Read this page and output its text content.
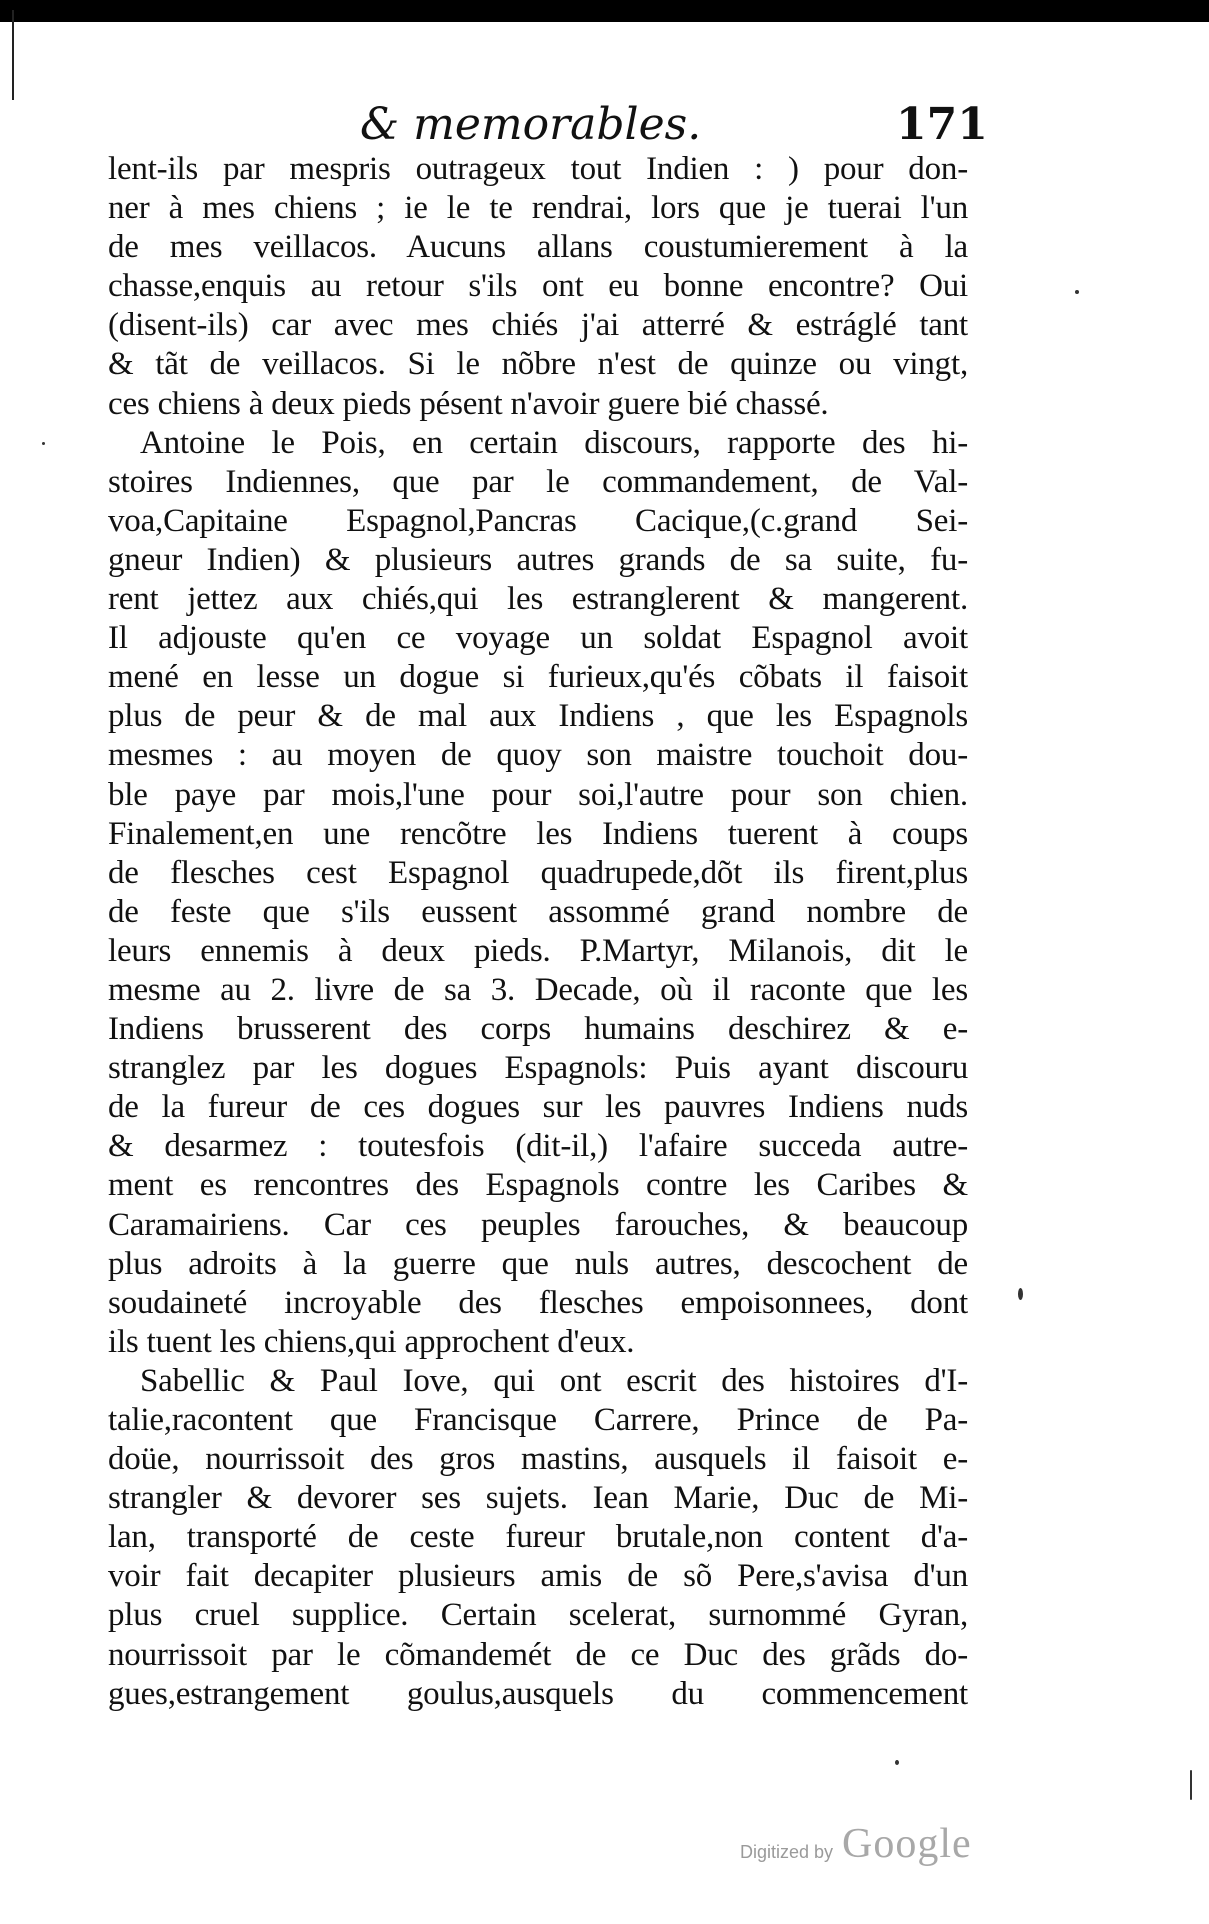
& memorables.	171
lent-ils par mespris outrageux tout Indien : ) pour don-
ner à mes chiens ; ie le te rendrai, lors que je tuerai l'un
de mes veillacos. Aucuns allans coustumierement à la
chasse,enquis au retour s'ils ont eu bonne encontre? Oui
(disent-ils) car avec mes chiés j'ai atterré & estráglé tant
& tãt de veillacos. Si le nõbre n'est de quinze ou vingt,
ces chiens à deux pieds pésent n'avoir guere bié chassé.
Antoine le Pois, en certain discours, rapporte des hi-
stoires Indiennes, que par le commandement, de Val-
voa,Capitaine Espagnol,Pancras Cacique,(c.grand Sei-
gneur Indien) & plusieurs autres grands de sa suite, fu-
rent jettez aux chiés,qui les estranglerent & mangerent.
Il adjouste qu'en ce voyage un soldat Espagnol avoit
mené en lesse un dogue si furieux,qu'és cõbats il faisoit
plus de peur & de mal aux Indiens , que les Espagnols
mesmes : au moyen de quoy son maistre touchoit dou-
ble paye par mois,l'une pour soi,l'autre pour son chien.
Finalement,en une rencõtre les Indiens tuerent à coups
de flesches cest Espagnol quadrupede,dõt ils firent,plus
de feste que s'ils eussent assommé grand nombre de
leurs ennemis à deux pieds. P.Martyr, Milanois, dit le
mesme au 2. livre de sa 3. Decade, où il raconte que les
Indiens brusserent des corps humains deschirez & e-
stranglez par les dogues Espagnols: Puis ayant discouru
de la fureur de ces dogues sur les pauvres Indiens nuds
& desarmez : toutesfois (dit-il,) l'afaire succeda autre-
ment es rencontres des Espagnols contre les Caribes &
Caramairiens. Car ces peuples farouches, & beaucoup
plus adroits à la guerre que nuls autres, descochent de
soudaineté incroyable des flesches empoisonnees, dont
ils tuent les chiens,qui approchent d'eux.
Sabellic & Paul Iove, qui ont escrit des histoires d'I-
talie,racontent que Francisque Carrere, Prince de Pa-
doüe, nourrissoit des gros mastins, ausquels il faisoit e-
strangler & devorer ses sujets. Iean Marie, Duc de Mi-
lan, transporté de ceste fureur brutale,non content d'a-
voir fait decapiter plusieurs amis de sõ Pere,s'avisa d'un
plus cruel supplice. Certain scelerat, surnommé Gyran,
nourrissoit par le cõmandemét de ce Duc des grãds do-
gues,estrangement goulus,ausquels du commencement
Digitized by Google
